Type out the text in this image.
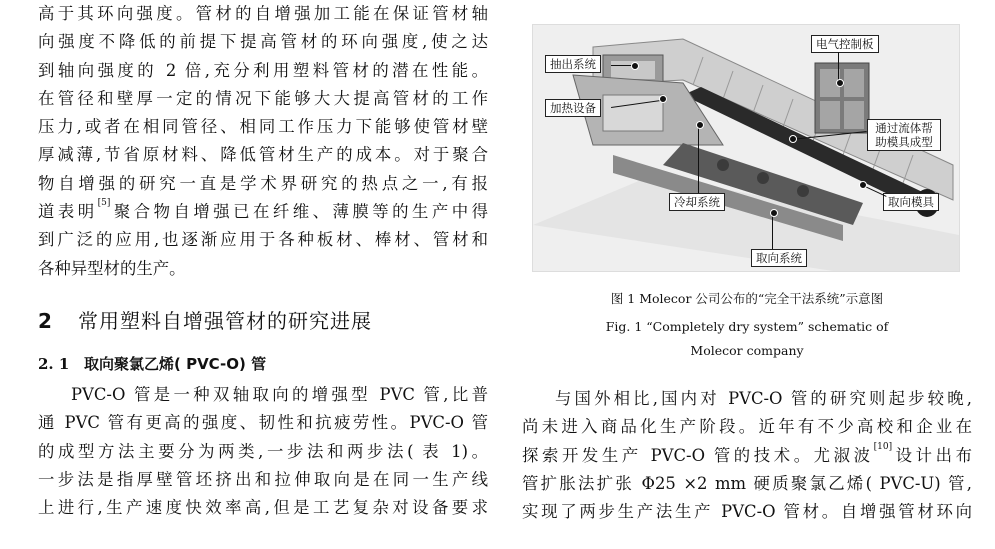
高于其环向强度。管材的自增强加工能在保证管材轴
向强度不降低的前提下提高管材的环向强度,使之达
到轴向强度的 2 倍,充分利用塑料管材的潜在性能。
在管径和壁厚一定的情况下能够大大提高管材的工作
压力,或者在相同管径、相同工作压力下能够使管材壁
厚减薄,节省原材料、降低管材生产的成本。对于聚合
物自增强的研究一直是学术界研究的热点之一,有报
道表明[5]聚合物自增强已在纤维、薄膜等的生产中得
到广泛的应用,也逐渐应用于各种板材、棒材、管材和
各种异型材的生产。
2 常用塑料自增强管材的研究进展
2. 1 取向聚氯乙烯( PVC-O) 管
PVC-O 管是一种双轴取向的增强型 PVC 管,比普
通 PVC 管有更高的强度、韧性和抗疲劳性。PVC-O 管
的成型方法主要分为两类,一步法和两步法( 表 1)。
一步法是指厚壁管坯挤出和拉伸取向是在同一生产线
上进行,生产速度快效率高,但是工艺复杂对设备要求
抽出系统
加热设备
电气控制板
通过流体帮助模具成型
冷却系统	取向模具
取向系统
图 1 Molecor 公司公布的“完全干法系统”示意图
Fig. 1 “Completely dry system” schematic of
Molecor company
与国外相比,国内对 PVC-O 管的研究则起步较晚,
尚未进入商品化生产阶段。近年有不少高校和企业在
探索开发生产 PVC-O 管的技术。尤淑波[10]设计出布
管扩胀法扩张 Φ25 ×2 mm 硬质聚氯乙烯( PVC-U) 管,
实现了两步生产法生产 PVC-O 管材。自增强管材环向
